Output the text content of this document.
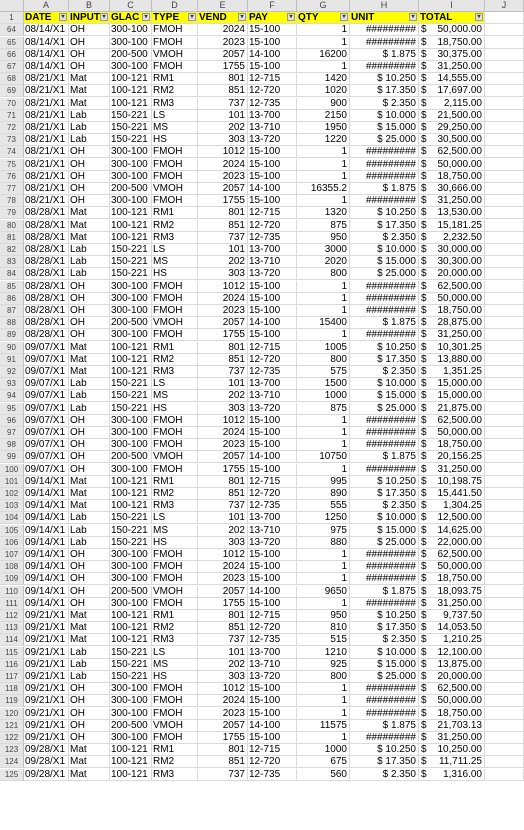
A	B	C	D	E	F	G	H	I	J
1	DATE	▾ INPUT ▾ GLAC ▾ TYPE	▾ VEND	▾ PAY	▾ QTY	▾ UNIT	▾ TOTAL	▾
64 08/14/X1 OH	300-100 FMOH	2024 15-100	1	######### $ 50,000.00
65 08/14/X1 OH	300-100 FMOH	2023 15-100	1	######### $ 18,750.00
66 08/14/X1 OH	200-500 VMOH	2057 14-100	16200	$ 1.875 $ 30,375.00
67 08/14/X1 OH	300-100 FMOH	1755 15-100	1	######### $ 31,250.00
68 08/21/X1 Mat	100-121 RM1	801 12-715	1420	$ 10.250 $ 14,555.00
69 08/21/X1 Mat	100-121 RM2	851 12-720	1020	$ 17.350 $ 17,697.00
70 08/21/X1 Mat	100-121 RM3	737 12-735	900	$ 2.350 $ 2,115.00
71 08/21/X1 Lab	150-221 LS	101 13-700	2150	$ 10.000 $ 21,500.00
72 08/21/X1 Lab	150-221 MS	202 13-710	1950	$ 15.000 $ 29,250.00
73 08/21/X1 Lab	150-221 HS	303 13-720	1220	$ 25.000 $ 30,500.00
74 08/21/X1 OH	300-100 FMOH	1012 15-100	1	######### $ 62,500.00
75 08/21/X1 OH	300-100 FMOH	2024 15-100	1	######### $ 50,000.00
76 08/21/X1 OH	300-100 FMOH	2023 15-100	1	######### $ 18,750.00
77 08/21/X1 OH	200-500 VMOH	2057 14-100	16355.2	$ 1.875 $ 30,666.00
78 08/21/X1 OH	300-100 FMOH	1755 15-100	1	######### $ 31,250.00
79 08/28/X1 Mat	100-121 RM1	801 12-715	1320	$ 10.250 $ 13,530.00
80 08/28/X1 Mat	100-121 RM2	851 12-720	875	$ 17.350 $ 15,181.25
81 08/28/X1 Mat	100-121 RM3	737 12-735	950	$ 2.350 $ 2,232.50
82 08/28/X1 Lab	150-221 LS	101 13-700	3000	$ 10.000 $ 30,000.00
83 08/28/X1 Lab	150-221 MS	202 13-710	2020	$ 15.000 $ 30,300.00
84 08/28/X1 Lab	150-221 HS	303 13-720	800	$ 25.000 $ 20,000.00
85 08/28/X1 OH	300-100 FMOH	1012 15-100	1	######### $ 62,500.00
86 08/28/X1 OH	300-100 FMOH	2024 15-100	1	######### $ 50,000.00
87 08/28/X1 OH	300-100 FMOH	2023 15-100	1	######### $ 18,750.00
88 08/28/X1 OH	200-500 VMOH	2057 14-100	15400	$ 1.875 $ 28,875.00
89 08/28/X1 OH	300-100 FMOH	1755 15-100	1	######### $ 31,250.00
90 09/07/X1 Mat	100-121 RM1	801 12-715	1005	$ 10.250 $ 10,301.25
91 09/07/X1 Mat	100-121 RM2	851 12-720	800	$ 17.350 $ 13,880.00
92 09/07/X1 Mat	100-121 RM3	737 12-735	575	$ 2.350 $ 1,351.25
93 09/07/X1 Lab	150-221 LS	101 13-700	1500	$ 10.000 $ 15,000.00
94 09/07/X1 Lab	150-221 MS	202 13-710	1000	$ 15.000 $ 15,000.00
95 09/07/X1 Lab	150-221 HS	303 13-720	875	$ 25.000 $ 21,875.00
96 09/07/X1 OH	300-100 FMOH	1012 15-100	1	######### $ 62,500.00
97 09/07/X1 OH	300-100 FMOH	2024 15-100	1	######### $ 50,000.00
98 09/07/X1 OH	300-100 FMOH	2023 15-100	1	######### $ 18,750.00
99 09/07/X1 OH	200-500 VMOH	2057 14-100	10750	$ 1.875 $ 20,156.25
100 09/07/X1 OH	300-100 FMOH	1755 15-100	1	######### $ 31,250.00
101 09/14/X1 Mat	100-121 RM1	801 12-715	995	$ 10.250 $ 10,198.75
102 09/14/X1 Mat	100-121 RM2	851 12-720	890	$ 17.350 $ 15,441.50
103 09/14/X1 Mat	100-121 RM3	737 12-735	555	$ 2.350 $ 1,304.25
104 09/14/X1 Lab	150-221 LS	101 13-700	1250	$ 10.000 $ 12,500.00
105 09/14/X1 Lab	150-221 MS	202 13-710	975	$ 15.000 $ 14,625.00
106 09/14/X1 Lab	150-221 HS	303 13-720	880	$ 25.000 $ 22,000.00
107 09/14/X1 OH	300-100 FMOH	1012 15-100	1	######### $ 62,500.00
108 09/14/X1 OH	300-100 FMOH	2024 15-100	1	######### $ 50,000.00
109 09/14/X1 OH	300-100 FMOH	2023 15-100	1	######### $ 18,750.00
110 09/14/X1 OH	200-500 VMOH	2057 14-100	9650	$ 1.875 $ 18,093.75
111 09/14/X1 OH	300-100 FMOH	1755 15-100	1	######### $ 31,250.00
112 09/21/X1 Mat	100-121 RM1	801 12-715	950	$ 10.250 $ 9,737.50
113 09/21/X1 Mat	100-121 RM2	851 12-720	810	$ 17.350 $ 14,053.50
114 09/21/X1 Mat	100-121 RM3	737 12-735	515	$ 2.350 $ 1,210.25
115 09/21/X1 Lab	150-221 LS	101 13-700	1210	$ 10.000 $ 12,100.00
116 09/21/X1 Lab	150-221 MS	202 13-710	925	$ 15.000 $ 13,875.00
117 09/21/X1 Lab	150-221 HS	303 13-720	800	$ 25.000 $ 20,000.00
118 09/21/X1 OH	300-100 FMOH	1012 15-100	1	######### $ 62,500.00
119 09/21/X1 OH	300-100 FMOH	2024 15-100	1	######### $ 50,000.00
120 09/21/X1 OH	300-100 FMOH	2023 15-100	1	######### $ 18,750.00
121 09/21/X1 OH	200-500 VMOH	2057 14-100	11575	$ 1.875 $ 21,703.13
122 09/21/X1 OH	300-100 FMOH	1755 15-100	1	######### $ 31,250.00
123 09/28/X1 Mat	100-121 RM1	801 12-715	1000	$ 10.250 $ 10,250.00
124 09/28/X1 Mat	100-121 RM2	851 12-720	675	$ 17.350 $ 11,711.25
125 09/28/X1 Mat	100-121 RM3	737 12-735	560	$ 2.350 $ 1,316.00
